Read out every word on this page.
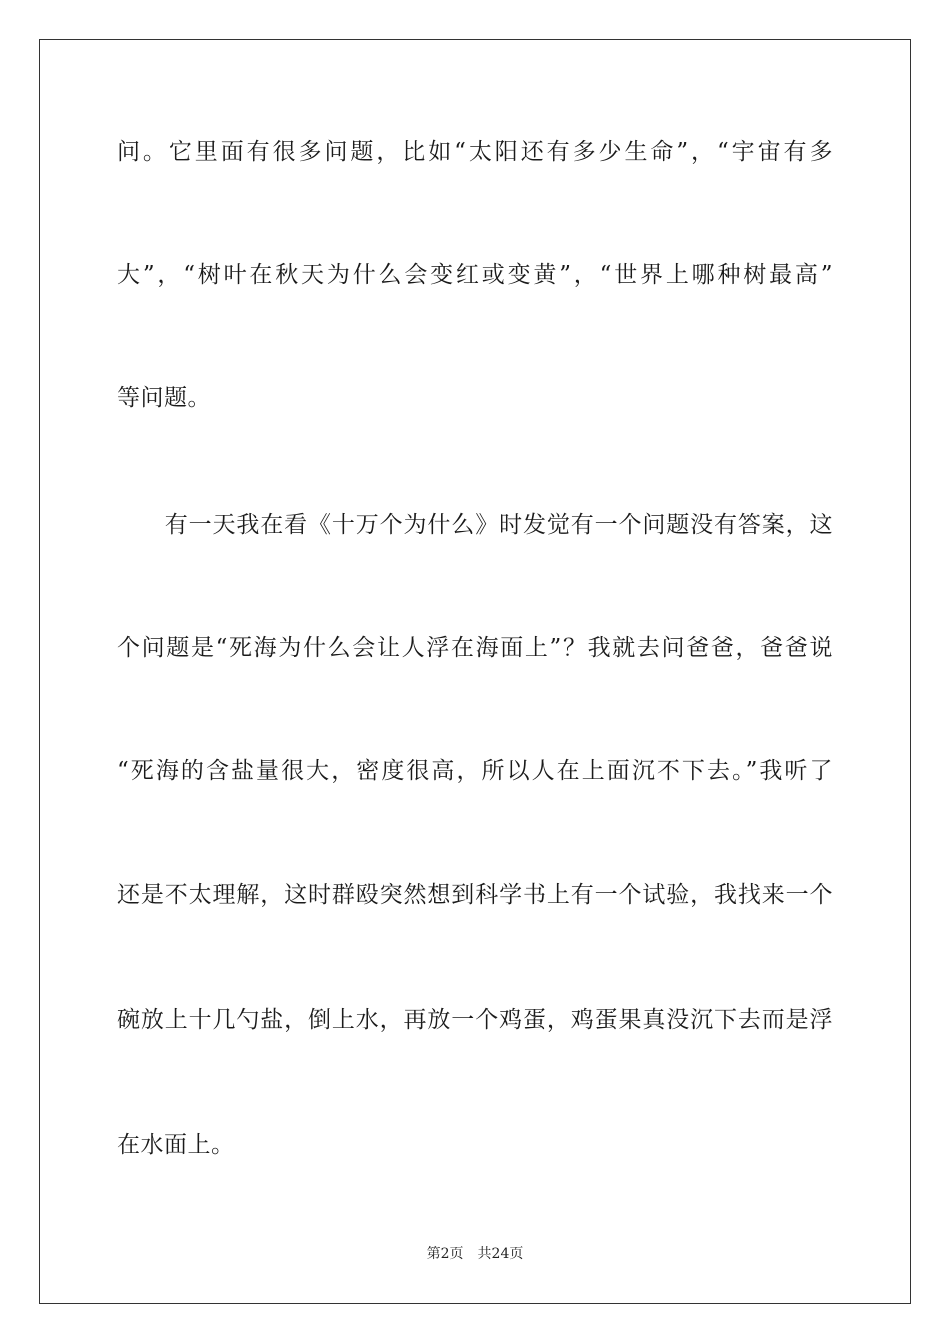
问。它里面有很多问题，比如“太阳还有多少生命”，“宇宙有多
大”，“树叶在秋天为什么会变红或变黄”，“世界上哪种树最高”
等问题。
　　有一天我在看《十万个为什么》时发觉有一个问题没有答案，这
个问题是“死海为什么会让人浮在海面上”？我就去问爸爸，爸爸说
“死海的含盐量很大，密度很高，所以人在上面沉不下去。”我听了
还是不太理解，这时群殴突然想到科学书上有一个试验，我找来一个
碗放上十几勺盐，倒上水，再放一个鸡蛋，鸡蛋果真没沉下去而是浮
在水面上。
第2页 共24页
